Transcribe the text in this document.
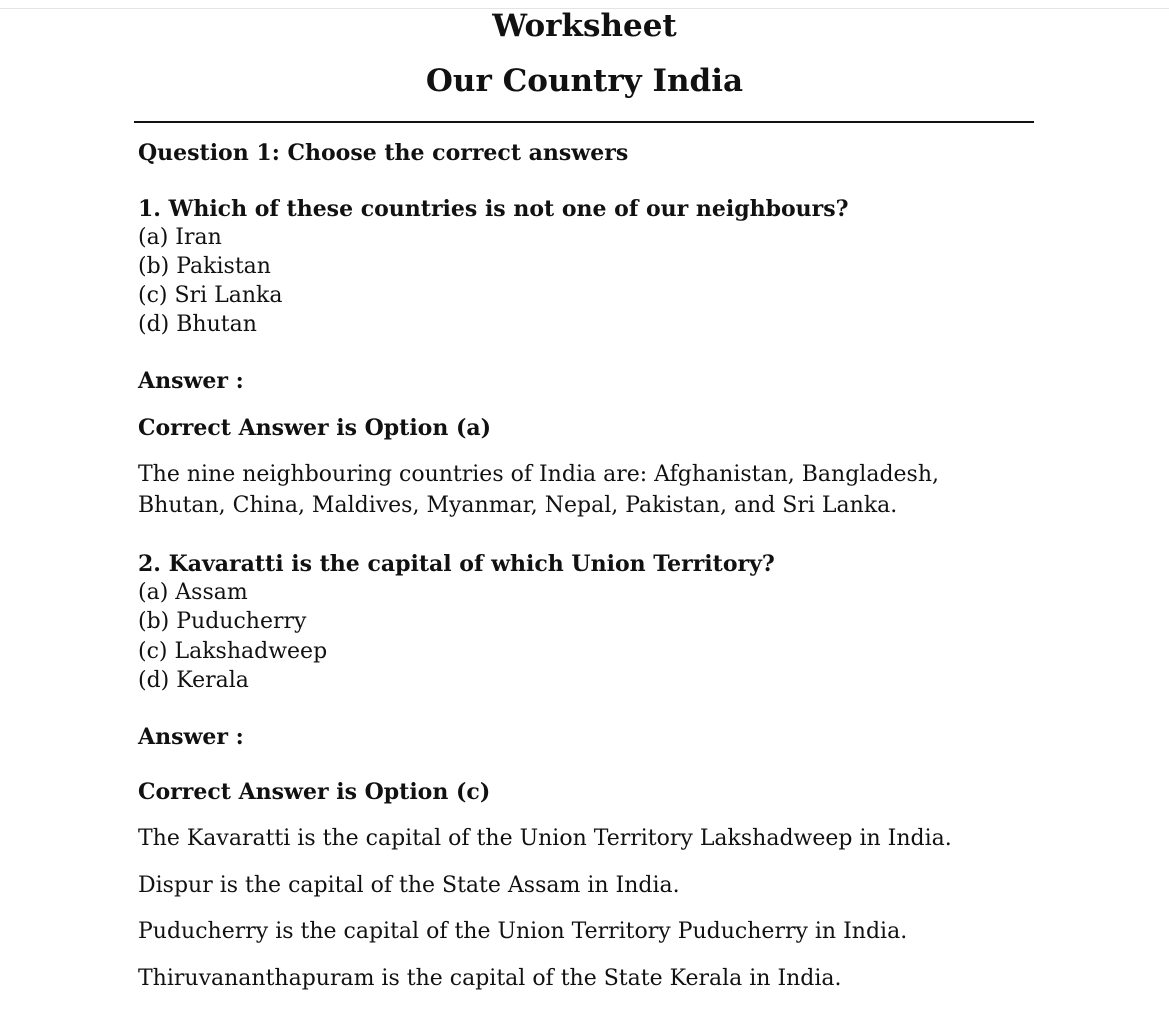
Worksheet
Our Country India
Question 1: Choose the correct answers
1. Which of these countries is not one of our neighbours?
(a) Iran
(b) Pakistan
(c) Sri Lanka
(d) Bhutan
Answer :
Correct Answer is Option (a)
The nine neighbouring countries of India are: Afghanistan, Bangladesh, Bhutan, China, Maldives, Myanmar, Nepal, Pakistan, and Sri Lanka.
2. Kavaratti is the capital of which Union Territory?
(a) Assam
(b) Puducherry
(c) Lakshadweep
(d) Kerala
Answer :
Correct Answer is Option (c)
The Kavaratti is the capital of the Union Territory Lakshadweep in India.
Dispur is the capital of the State Assam in India.
Puducherry is the capital of the Union Territory Puducherry in India.
Thiruvananthapuram is the capital of the State Kerala in India.
